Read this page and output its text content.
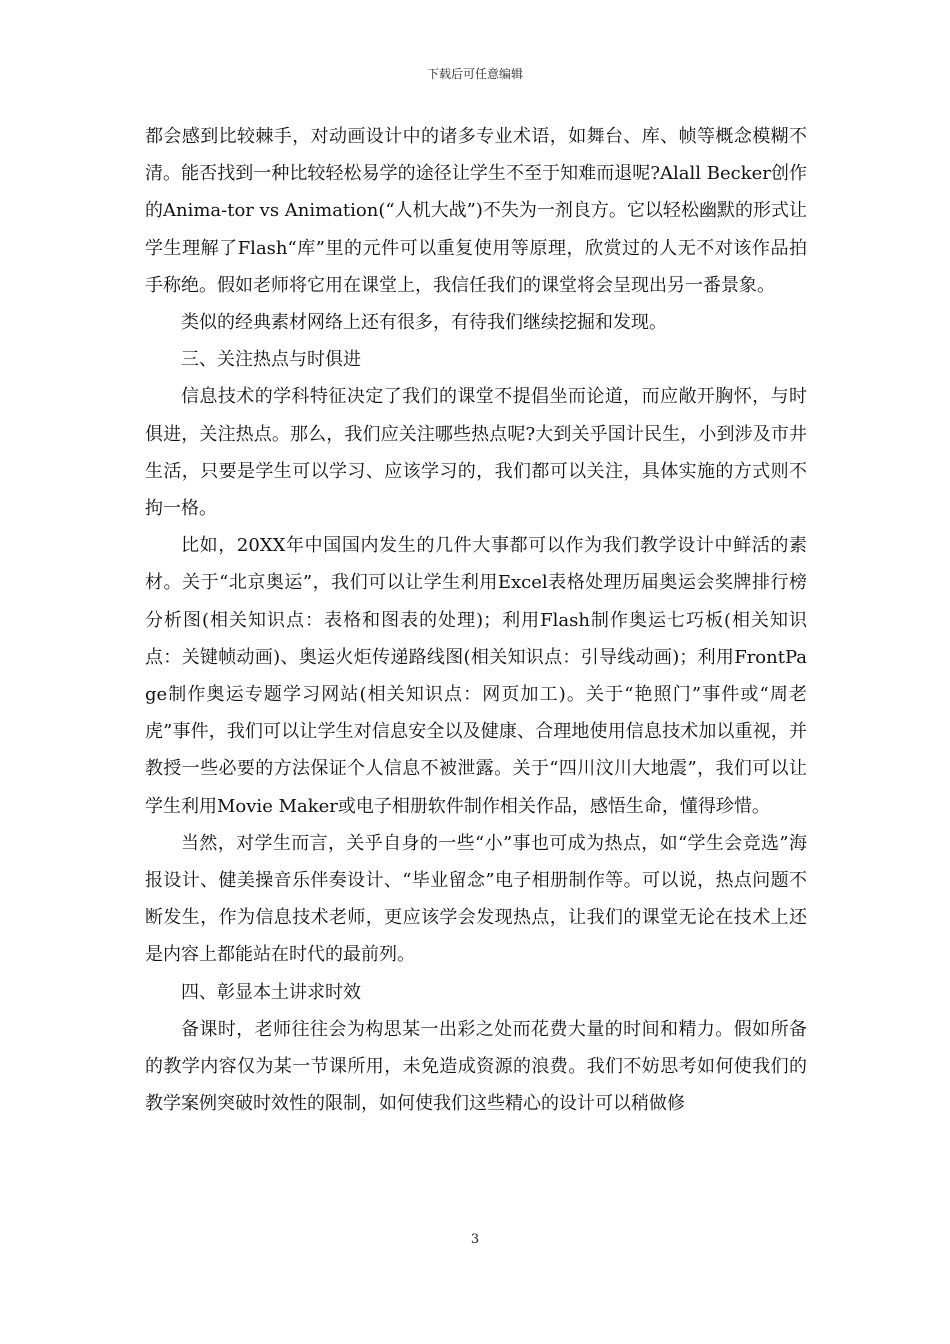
下载后可任意编辑

都会感到比较棘手，对动画设计中的诸多专业术语，如舞台、库、帧等概念模糊不清。能否找到一种比较轻松易学的途径让学生不至于知难而退呢?Alall Becker创作的Anima-tor vs Animation(“人机大战”)不失为一剂良方。它以轻松幽默的形式让学生理解了Flash“库”里的元件可以重复使用等原理，欣赏过的人无不对该作品拍手称绝。假如老师将它用在课堂上，我信任我们的课堂将会呈现出另一番景象。

类似的经典素材网络上还有很多，有待我们继续挖掘和发现。

三、关注热点与时俱进

信息技术的学科特征决定了我们的课堂不提倡坐而论道，而应敞开胸怀，与时俱进，关注热点。那么，我们应关注哪些热点呢?大到关乎国计民生，小到涉及市井生活，只要是学生可以学习、应该学习的，我们都可以关注，具体实施的方式则不拘一格。

比如，20XX年中国国内发生的几件大事都可以作为我们教学设计中鲜活的素材。关于“北京奥运”，我们可以让学生利用Excel表格处理历届奥运会奖牌排行榜分析图(相关知识点：表格和图表的处理)；利用Flash制作奥运七巧板(相关知识点：关键帧动画)、奥运火炬传递路线图(相关知识点：引导线动画)；利用FrontPage制作奥运专题学习网站(相关知识点：网页加工)。关于“艳照门”事件或“周老虎”事件，我们可以让学生对信息安全以及健康、合理地使用信息技术加以重视，并教授一些必要的方法保证个人信息不被泄露。关于“四川汶川大地震”，我们可以让学生利用Movie Maker或电子相册软件制作相关作品，感悟生命，懂得珍惜。

当然，对学生而言，关乎自身的一些“小”事也可成为热点，如“学生会竞选”海报设计、健美操音乐伴奏设计、“毕业留念”电子相册制作等。可以说，热点问题不断发生，作为信息技术老师，更应该学会发现热点，让我们的课堂无论在技术上还是内容上都能站在时代的最前列。

四、彰显本土讲求时效

备课时，老师往往会为构思某一出彩之处而花费大量的时间和精力。假如所备的教学内容仅为某一节课所用，未免造成资源的浪费。我们不妨思考如何使我们的教学案例突破时效性的限制，如何使我们这些精心的设计可以稍做修

3
